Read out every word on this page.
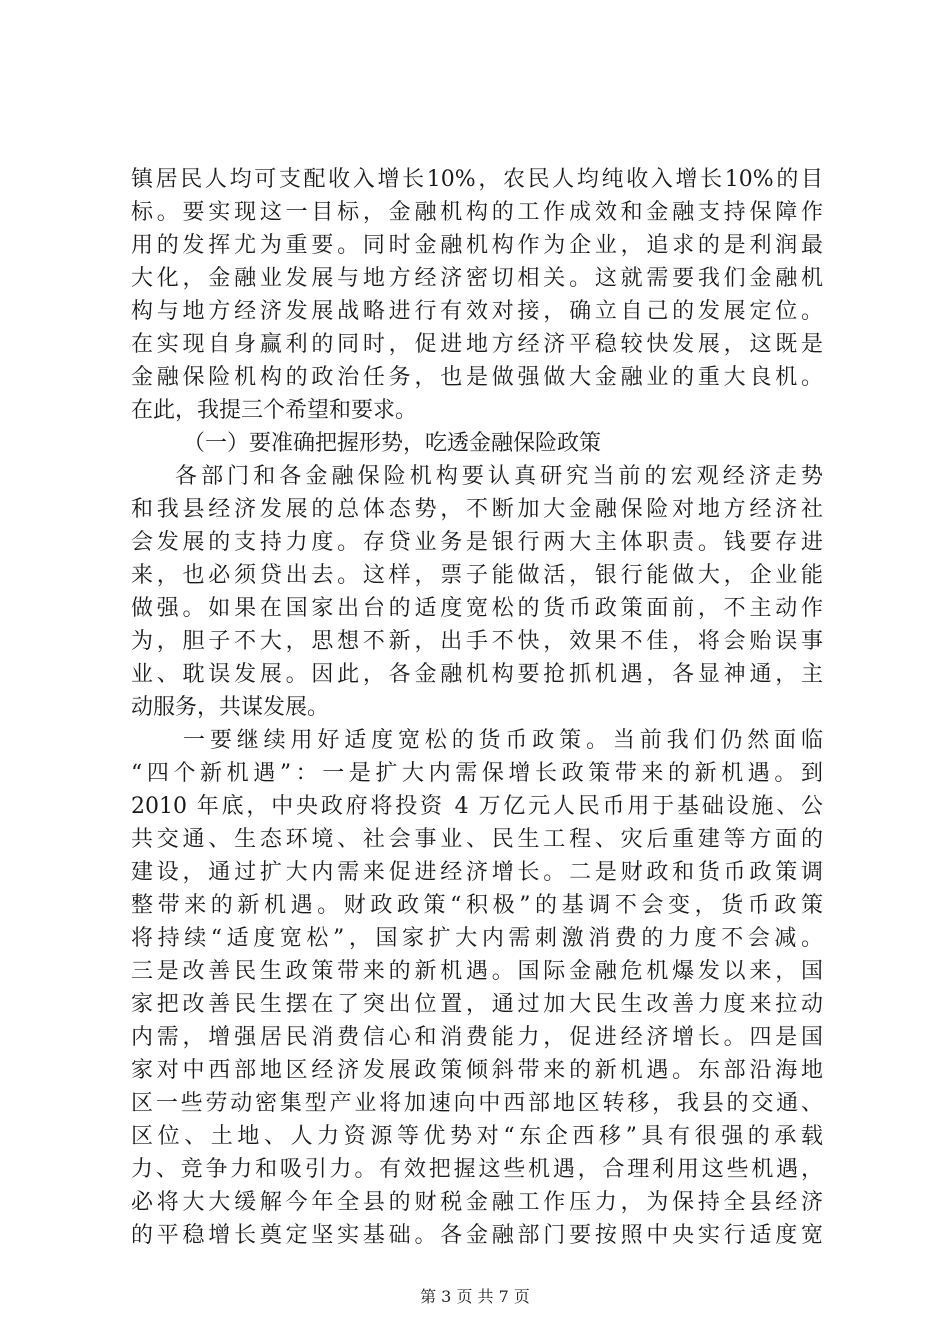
镇居民人均可支配收入增长10%，农民人均纯收入增长10%的目
标。要实现这一目标，金融机构的工作成效和金融支持保障作
用的发挥尤为重要。同时金融机构作为企业，追求的是利润最
大化，金融业发展与地方经济密切相关。这就需要我们金融机
构与地方经济发展战略进行有效对接，确立自己的发展定位。
在实现自身赢利的同时，促进地方经济平稳较快发展，这既是
金融保险机构的政治任务，也是做强做大金融业的重大良机。
在此，我提三个希望和要求。
（一）要准确把握形势，吃透金融保险政策
各部门和各金融保险机构要认真研究当前的宏观经济走势
和我县经济发展的总体态势，不断加大金融保险对地方经济社
会发展的支持力度。存贷业务是银行两大主体职责。钱要存进
来，也必须贷出去。这样，票子能做活，银行能做大，企业能
做强。如果在国家出台的适度宽松的货币政策面前，不主动作
为，胆子不大，思想不新，出手不快，效果不佳，将会贻误事
业、耽误发展。因此，各金融机构要抢抓机遇，各显神通，主
动服务，共谋发展。
一要继续用好适度宽松的货币政策。当前我们仍然面临
“四个新机遇”：一是扩大内需保增长政策带来的新机遇。到
2010 年底，中央政府将投资 4 万亿元人民币用于基础设施、公
共交通、生态环境、社会事业、民生工程、灾后重建等方面的
建设，通过扩大内需来促进经济增长。二是财政和货币政策调
整带来的新机遇。财政政策“积极”的基调不会变，货币政策
将持续“适度宽松”，国家扩大内需刺激消费的力度不会减。
三是改善民生政策带来的新机遇。国际金融危机爆发以来，国
家把改善民生摆在了突出位置，通过加大民生改善力度来拉动
内需，增强居民消费信心和消费能力，促进经济增长。四是国
家对中西部地区经济发展政策倾斜带来的新机遇。东部沿海地
区一些劳动密集型产业将加速向中西部地区转移，我县的交通、
区位、土地、人力资源等优势对“东企西移”具有很强的承载
力、竞争力和吸引力。有效把握这些机遇，合理利用这些机遇，
必将大大缓解今年全县的财税金融工作压力，为保持全县经济
的平稳增长奠定坚实基础。各金融部门要按照中央实行适度宽
第 3 页 共 7 页
